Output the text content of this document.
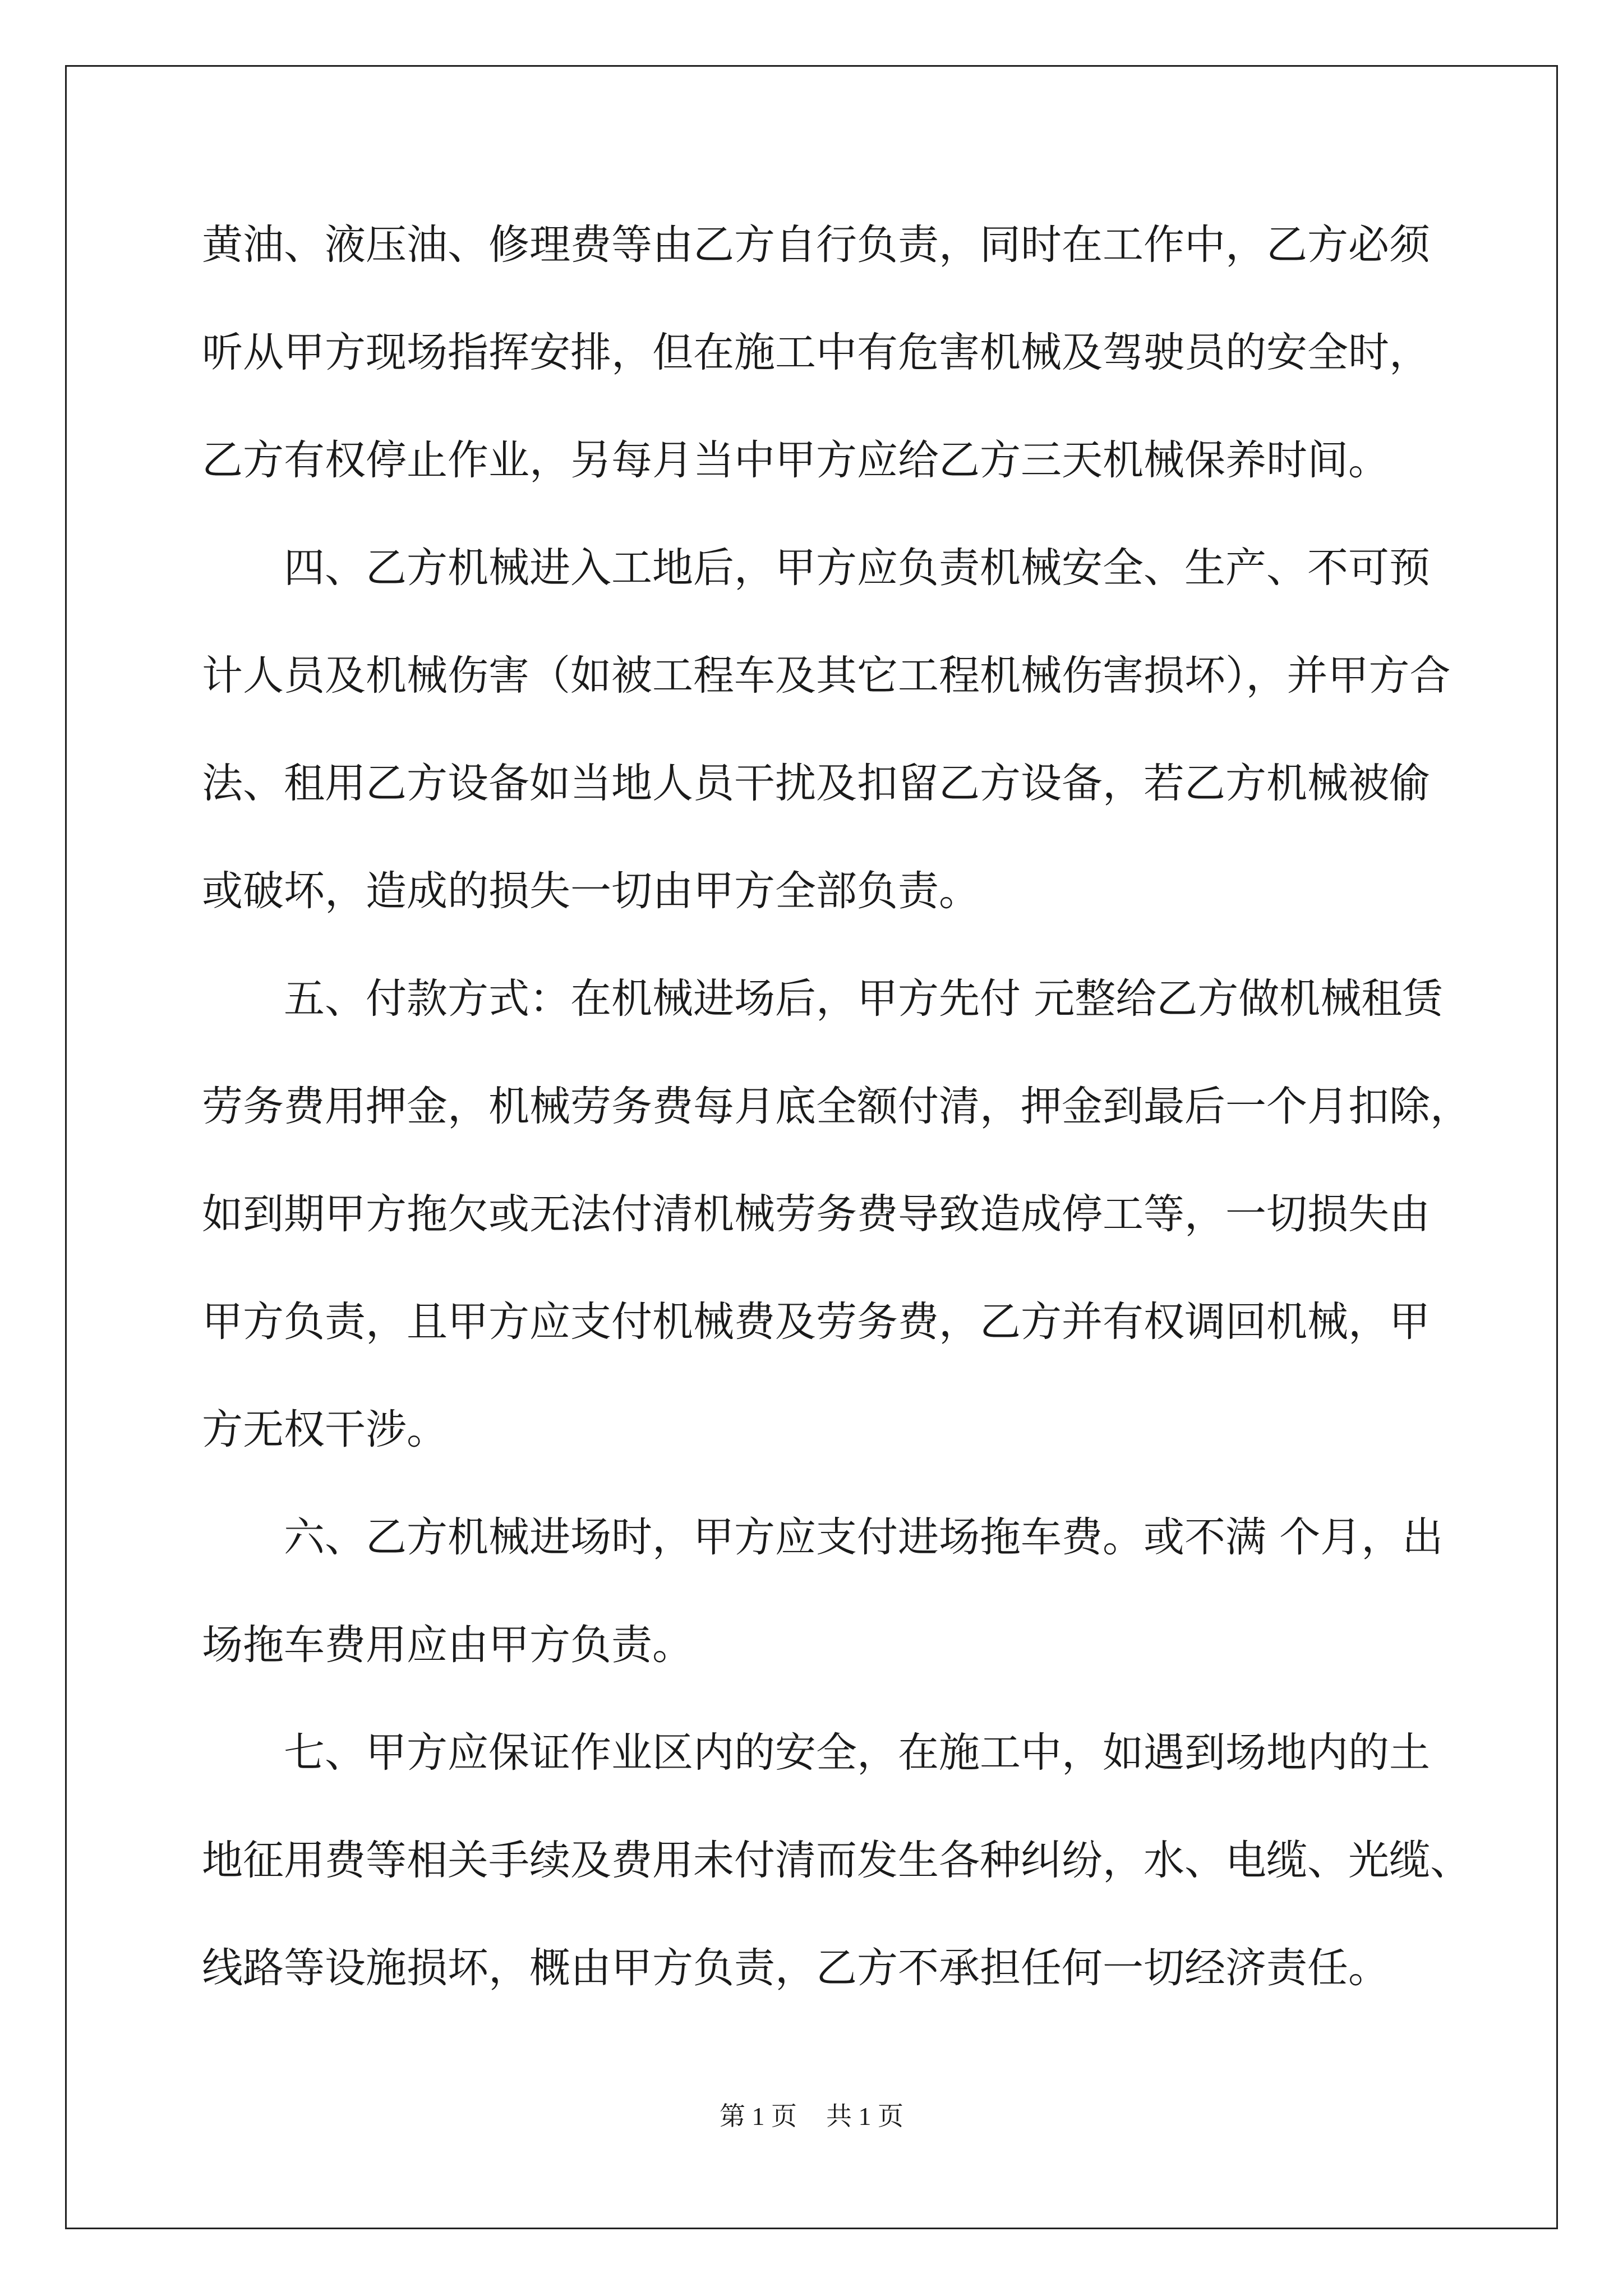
黄油、液压油、修理费等由乙方自行负责，同时在工作中，乙方必须
听从甲方现场指挥安排，但在施工中有危害机械及驾驶员的安全时，
乙方有权停止作业，另每月当中甲方应给乙方三天机械保养时间。
四、乙方机械进入工地后，甲方应负责机械安全、生产、不可预
计人员及机械伤害（如被工程车及其它工程机械伤害损坏），并甲方合
法、租用乙方设备如当地人员干扰及扣留乙方设备，若乙方机械被偷
或破坏，造成的损失一切由甲方全部负责。
五、付款方式：在机械进场后，甲方先付 元整给乙方做机械租赁
劳务费用押金，机械劳务费每月底全额付清，押金到最后一个月扣除，
如到期甲方拖欠或无法付清机械劳务费导致造成停工等，一切损失由
甲方负责，且甲方应支付机械费及劳务费，乙方并有权调回机械，甲
方无权干涉。
六、乙方机械进场时，甲方应支付进场拖车费。或不满 个月，出
场拖车费用应由甲方负责。
七、甲方应保证作业区内的安全，在施工中，如遇到场地内的土
地征用费等相关手续及费用未付清而发生各种纠纷，水、电缆、光缆、
线路等设施损坏，概由甲方负责，乙方不承担任何一切经济责任。
第 1 页 共 1 页
